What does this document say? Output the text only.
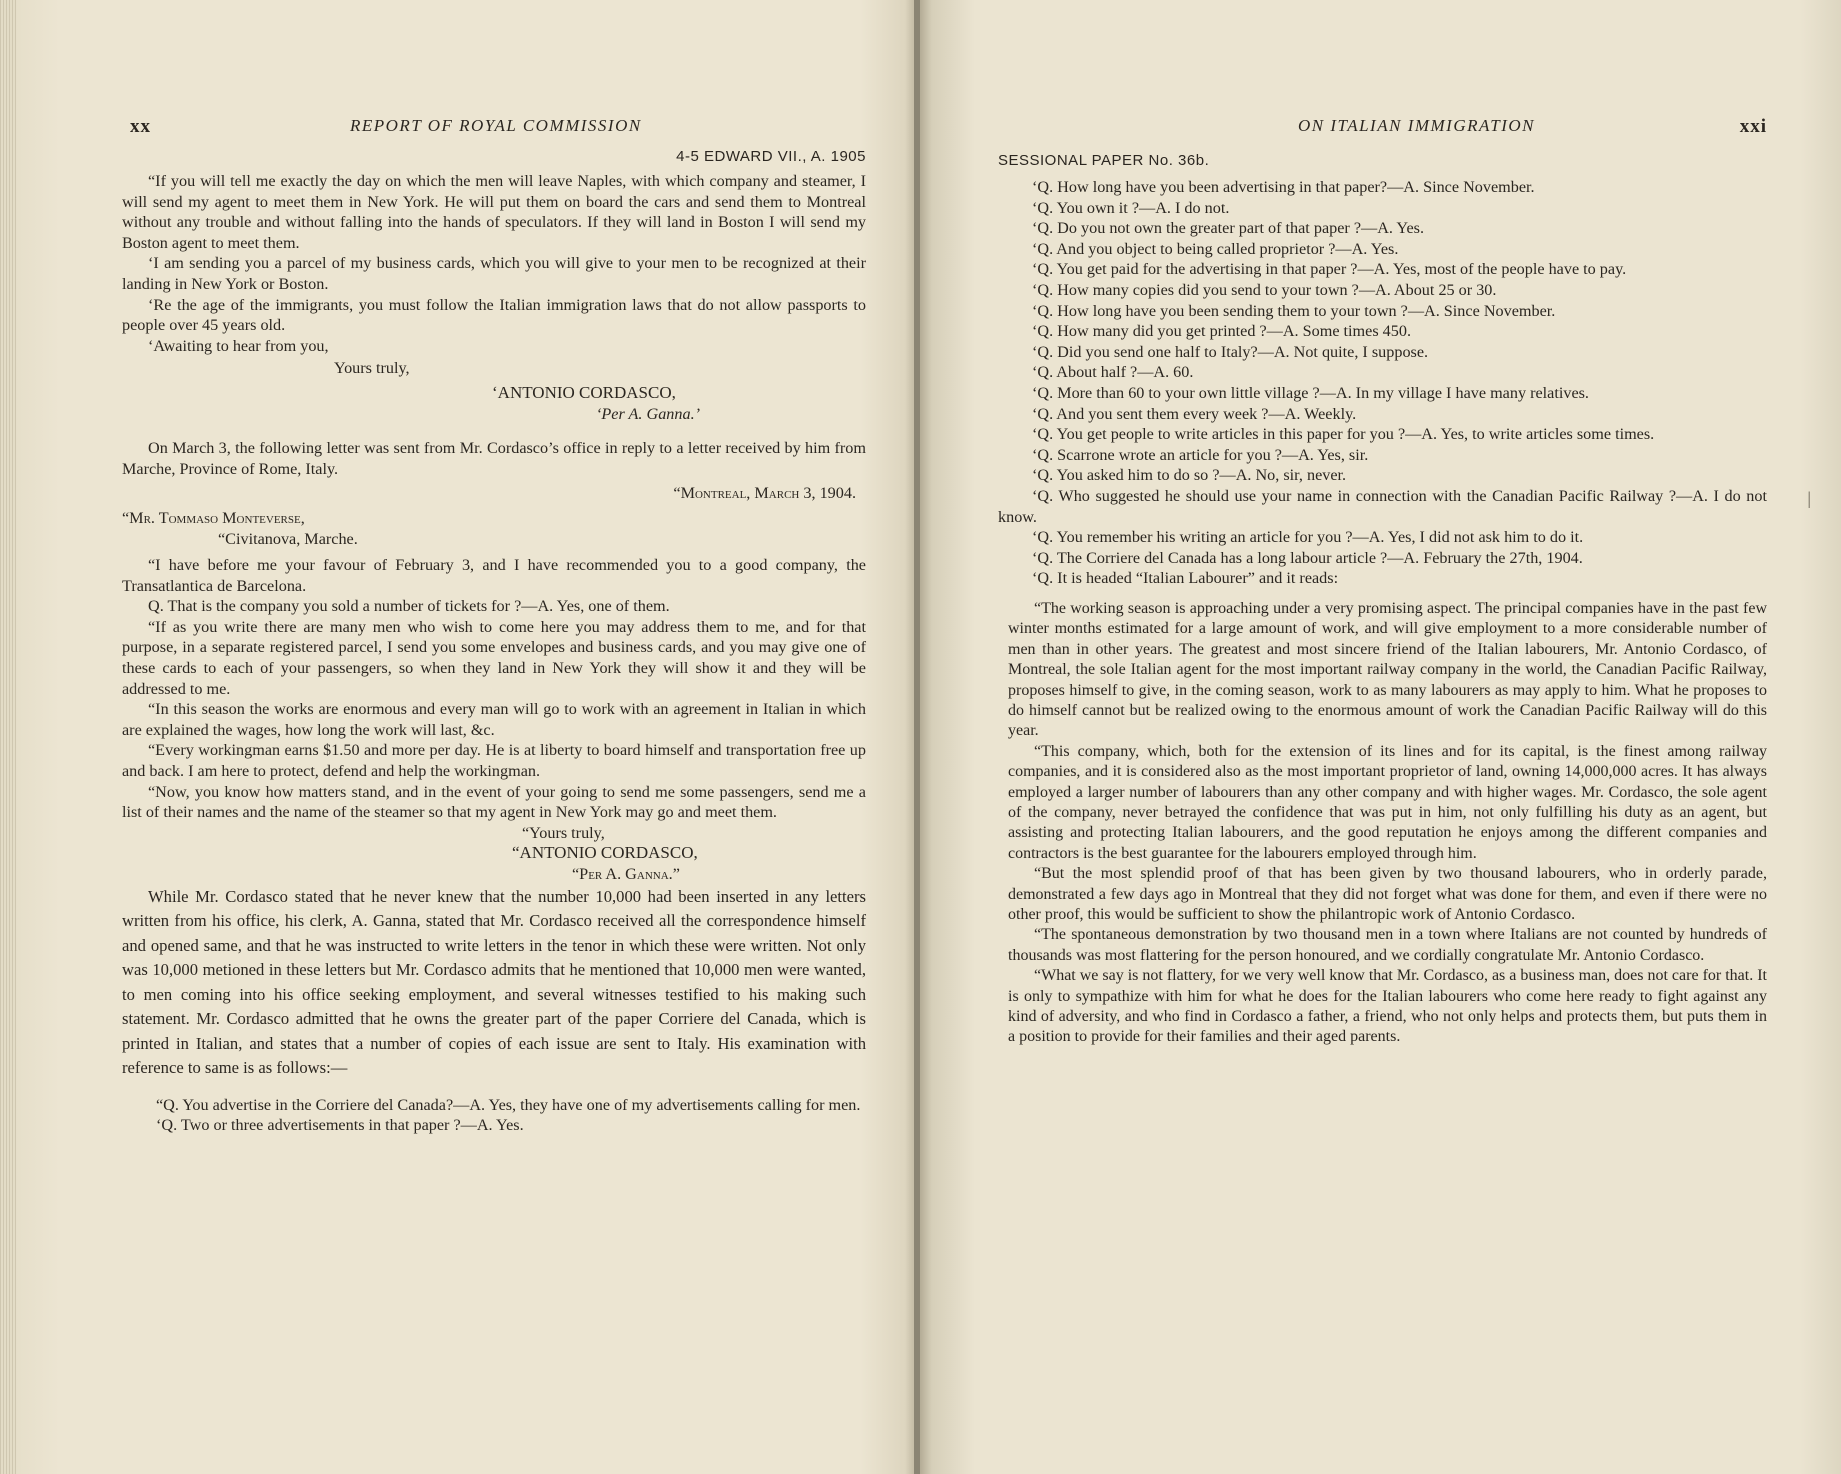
xx	REPORT OF ROYAL COMMISSION
4-5 EDWARD VII., A. 1905

“If you will tell me exactly the day on which the men will leave Naples, with which company and steamer, I will send my agent to meet them in New York. He will put them on board the cars and send them to Montreal without any trouble and without falling into the hands of speculators. If they will land in Boston I will send my Boston agent to meet them.

‘I am sending you a parcel of my business cards, which you will give to your men to be recognized at their landing in New York or Boston.

‘Re the age of the immigrants, you must follow the Italian immigration laws that do not allow passports to people over 45 years old.

‘Awaiting to hear from you,

Yours truly,
‘ANTONIO CORDASCO,
‘Per A. Ganna.’

On March 3, the following letter was sent from Mr. Cordasco’s office in reply to a letter received by him from Marche, Province of Rome, Italy.

“Montreal, March 3, 1904.
“Mr. Tommaso Monteverse,
“Civitanova, Marche.

“I have before me your favour of February 3, and I have recommended you to a good company, the Transatlantica de Barcelona.

Q. That is the company you sold a number of tickets for ?—A. Yes, one of them.

“If as you write there are many men who wish to come here you may address them to me, and for that purpose, in a separate registered parcel, I send you some envelopes and business cards, and you may give one of these cards to each of your passengers, so when they land in New York they will show it and they will be addressed to me.

“In this season the works are enormous and every man will go to work with an agreement in Italian in which are explained the wages, how long the work will last, &c.

“Every workingman earns $1.50 and more per day. He is at liberty to board himself and transportation free up and back. I am here to protect, defend and help the workingman.

“Now, you know how matters stand, and in the event of your going to send me some passengers, send me a list of their names and the name of the steamer so that my agent in New York may go and meet them.

“Yours truly,
“ANTONIO CORDASCO,
“Per A. Ganna.”

While Mr. Cordasco stated that he never knew that the number 10,000 had been inserted in any letters written from his office, his clerk, A. Ganna, stated that Mr. Cordasco received all the correspondence himself and opened same, and that he was instructed to write letters in the tenor in which these were written. Not only was 10,000 metioned in these letters but Mr. Cordasco admits that he mentioned that 10,000 men were wanted, to men coming into his office seeking employment, and several witnesses testified to his making such statement. Mr. Cordasco admitted that he owns the greater part of the paper Corriere del Canada, which is printed in Italian, and states that a number of copies of each issue are sent to Italy. His examination with reference to same is as follows:—

“Q. You advertise in the Corriere del Canada?—A. Yes, they have one of my advertisements calling for men.

‘Q. Two or three advertisements in that paper ?—A. Yes.

ON ITALIAN IMMIGRATION	xxi
SESSIONAL PAPER No. 36b.

‘Q. How long have you been advertising in that paper?—A. Since November.

‘Q. You own it ?—A. I do not.

‘Q. Do you not own the greater part of that paper ?—A. Yes.

‘Q. And you object to being called proprietor ?—A. Yes.

‘Q. You get paid for the advertising in that paper ?—A. Yes, most of the people have to pay.

‘Q. How many copies did you send to your town ?—A. About 25 or 30.

‘Q. How long have you been sending them to your town ?—A. Since November.

‘Q. How many did you get printed ?—A. Some times 450.

‘Q. Did you send one half to Italy?—A. Not quite, I suppose.

‘Q. About half ?—A. 60.

‘Q. More than 60 to your own little village ?—A. In my village I have many relatives.

‘Q. And you sent them every week ?—A. Weekly.

‘Q. You get people to write articles in this paper for you ?—A. Yes, to write articles some times.

‘Q. Scarrone wrote an article for you ?—A. Yes, sir.

‘Q. You asked him to do so ?—A. No, sir, never.

‘Q. Who suggested he should use your name in connection with the Canadian Pacific Railway ?—A. I do not know.

‘Q. You remember his writing an article for you ?—A. Yes, I did not ask him to do it.

‘Q. The Corriere del Canada has a long labour article ?—A. February the 27th, 1904.

‘Q. It is headed “Italian Labourer” and it reads:

“The working season is approaching under a very promising aspect. The principal companies have in the past few winter months estimated for a large amount of work, and will give employment to a more considerable number of men than in other years. The greatest and most sincere friend of the Italian labourers, Mr. Antonio Cordasco, of Montreal, the sole Italian agent for the most important railway company in the world, the Canadian Pacific Railway, proposes himself to give, in the coming season, work to as many labourers as may apply to him. What he proposes to do himself cannot but be realized owing to the enormous amount of work the Canadian Pacific Railway will do this year.

“This company, which, both for the extension of its lines and for its capital, is the finest among railway companies, and it is considered also as the most important proprietor of land, owning 14,000,000 acres. It has always employed a larger number of labourers than any other company and with higher wages. Mr. Cordasco, the sole agent of the company, never betrayed the confidence that was put in him, not only fulfilling his duty as an agent, but assisting and protecting Italian labourers, and the good reputation he enjoys among the different companies and contractors is the best guarantee for the labourers employed through him.

“But the most splendid proof of that has been given by two thousand labourers, who in orderly parade, demonstrated a few days ago in Montreal that they did not forget what was done for them, and even if there were no other proof, this would be sufficient to show the philantropic work of Antonio Cordasco.

“The spontaneous demonstration by two thousand men in a town where Italians are not counted by hundreds of thousands was most flattering for the person honoured, and we cordially congratulate Mr. Antonio Cordasco.

“What we say is not flattery, for we very well know that Mr. Cordasco, as a business man, does not care for that. It is only to sympathize with him for what he does for the Italian labourers who come here ready to fight against any kind of adversity, and who find in Cordasco a father, a friend, who not only helps and protects them, but puts them in a position to provide for their families and their aged parents.

|
